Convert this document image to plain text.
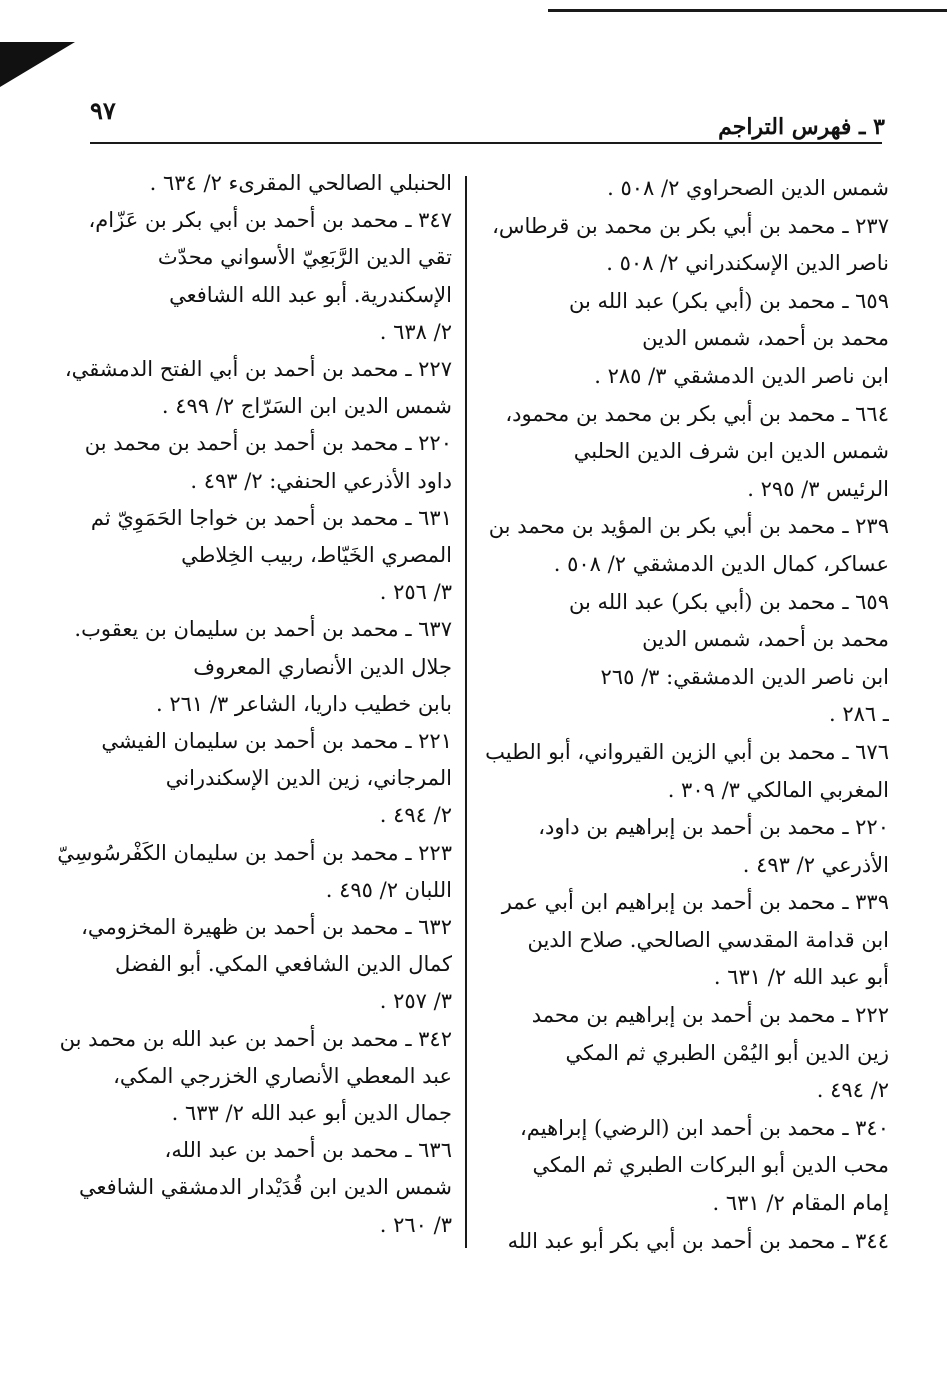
٩٧
٣ ـ فهرس التراجم
شمس الدين الصحراوي ٢/ ٥٠٨ .
٢٣٧ ـ محمد بن أبي بكر بن محمد بن قرطاس،
ناصر الدين الإسكندراني ٢/ ٥٠٨ .
٦٥٩ ـ محمد بن (أبي بكر) عبد الله بن
محمد بن أحمد، شمس الدين
ابن ناصر الدين الدمشقي ٣/ ٢٨٥ .
٦٦٤ ـ محمد بن أبي بكر بن محمد بن محمود،
شمس الدين ابن شرف الدين الحلبي
الرئيس ٣/ ٢٩٥ .
٢٣٩ ـ محمد بن أبي بكر بن المؤيد بن محمد بن
عساكر، كمال الدين الدمشقي ٢/ ٥٠٨ .
٦٥٩ ـ محمد بن (أبي بكر) عبد الله بن
محمد بن أحمد، شمس الدين
ابن ناصر الدين الدمشقي: ٣/ ٢٦٥
ـ ٢٨٦ .
٦٧٦ ـ محمد بن أبي الزين القيرواني، أبو الطيب
المغربي المالكي ٣/ ٣٠٩ .
٢٢٠ ـ محمد بن أحمد بن إبراهيم بن داود،
الأذرعي ٢/ ٤٩٣ .
٣٣٩ ـ محمد بن أحمد بن إبراهيم ابن أبي عمر
ابن قدامة المقدسي الصالحي. صلاح الدين
أبو عبد الله ٢/ ٦٣١ .
٢٢٢ ـ محمد بن أحمد بن إبراهيم بن محمد
زين الدين أبو اليُمْن الطبري ثم المكي
٢/ ٤٩٤ .
٣٤٠ ـ محمد بن أحمد ابن (الرضي) إبراهيم،
محب الدين أبو البركات الطبري ثم المكي
إمام المقام ٢/ ٦٣١ .
٣٤٤ ـ محمد بن أحمد بن أبي بكر أبو عبد الله
الحنبلي الصالحي المقرىء ٢/ ٦٣٤ .
٣٤٧ ـ محمد بن أحمد بن أبي بكر بن عَزّام،
تقي الدين الرَّبَعِيّ الأسواني محدّث
الإسكندرية. أبو عبد الله الشافعي
٢/ ٦٣٨ .
٢٢٧ ـ محمد بن أحمد بن أبي الفتح الدمشقي،
شمس الدين ابن السَرّاج ٢/ ٤٩٩ .
٢٢٠ ـ محمد بن أحمد بن أحمد بن محمد بن
داود الأذرعي الحنفي: ٢/ ٤٩٣ .
٦٣١ ـ محمد بن أحمد بن خواجا الحَمَوِيّ ثم
المصري الخَيّاط، ربيب الخِلاطي
٣/ ٢٥٦ .
٦٣٧ ـ محمد بن أحمد بن سليمان بن يعقوب.
جلال الدين الأنصاري المعروف
بابن خطيب داريا، الشاعر ٣/ ٢٦١ .
٢٢١ ـ محمد بن أحمد بن سليمان الفيشي
المرجاني، زين الدين الإسكندراني
٢/ ٤٩٤ .
٢٢٣ ـ محمد بن أحمد بن سليمان الكَفْرسُوسِيّ
اللبان ٢/ ٤٩٥ .
٦٣٢ ـ محمد بن أحمد بن ظهيرة المخزومي،
كمال الدين الشافعي المكي. أبو الفضل
٣/ ٢٥٧ .
٣٤٢ ـ محمد بن أحمد بن عبد الله بن محمد بن
عبد المعطي الأنصاري الخزرجي المكي،
جمال الدين أبو عبد الله ٢/ ٦٣٣ .
٦٣٦ ـ محمد بن أحمد بن عبد الله،
شمس الدين ابن قُدَيْدار الدمشقي الشافعي
٣/ ٢٦٠ .
